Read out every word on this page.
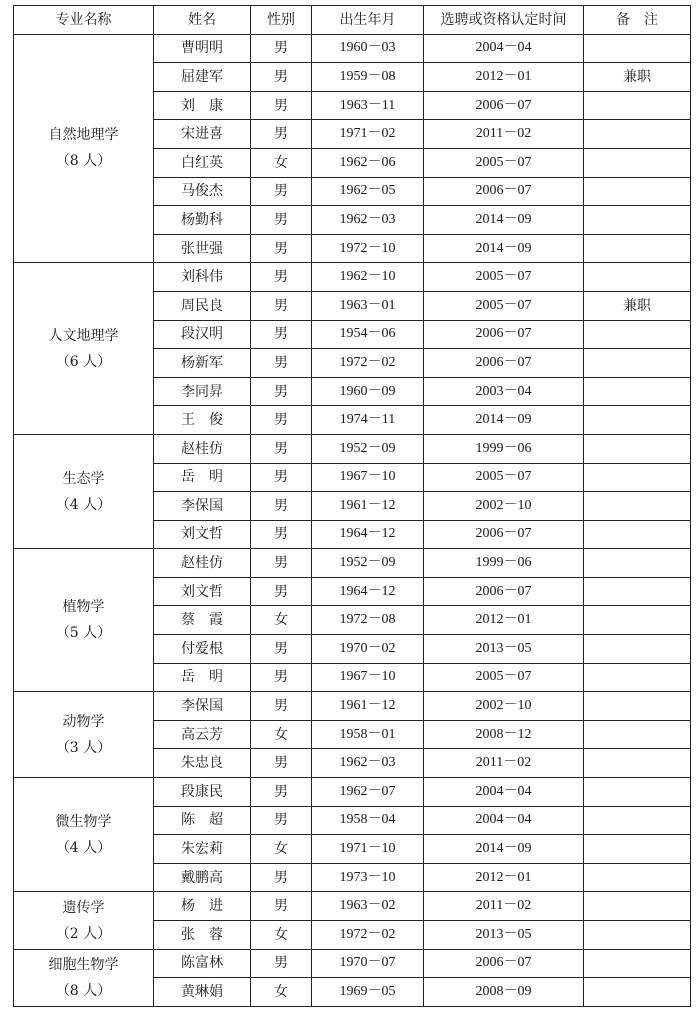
专业名称	姓名	性别	出生年月	选聘或资格认定时间	备　注

自然地理学
（8 人）	曹明明	男	1960－03	2004－04	
	屈建军	男	1959－08	2012－01	兼职
	刘　康	男	1963－11	2006－07	
	宋进喜	男	1971－02	2011－02	
	白红英	女	1962－06	2005－07	
	马俊杰	男	1962－05	2006－07	
	杨勤科	男	1962－03	2014－09	
	张世强	男	1972－10	2014－09	

人文地理学
（6 人）	刘科伟	男	1962－10	2005－07	
	周民良	男	1963－01	2005－07	兼职
	段汉明	男	1954－06	2006－07	
	杨新军	男	1972－02	2006－07	
	李同昇	男	1960－09	2003－04	
	王　俊	男	1974－11	2014－09	

生态学
（4 人）	赵桂仿	男	1952－09	1999－06	
	岳　明	男	1967－10	2005－07	
	李保国	男	1961－12	2002－10	
	刘文哲	男	1964－12	2006－07	

植物学
（5 人）	赵桂仿	男	1952－09	1999－06	
	刘文哲	男	1964－12	2006－07	
	蔡　霞	女	1972－08	2012－01	
	付爱根	男	1970－02	2013－05	
	岳　明	男	1967－10	2005－07	

动物学
（3 人）	李保国	男	1961－12	2002－10	
	高云芳	女	1958－01	2008－12	
	朱忠良	男	1962－03	2011－02	

微生物学
（4 人）	段康民	男	1962－07	2004－04	
	陈　超	男	1958－04	2004－04	
	朱宏莉	女	1971－10	2014－09	
	戴鹏高	男	1973－10	2012－01	

遗传学
（2 人）	杨　进	男	1963－02	2011－02	
	张　蓉	女	1972－02	2013－05	

细胞生物学
（8 人）	陈富林	男	1970－07	2006－07	
	黄琳娟	女	1969－05	2008－09	
